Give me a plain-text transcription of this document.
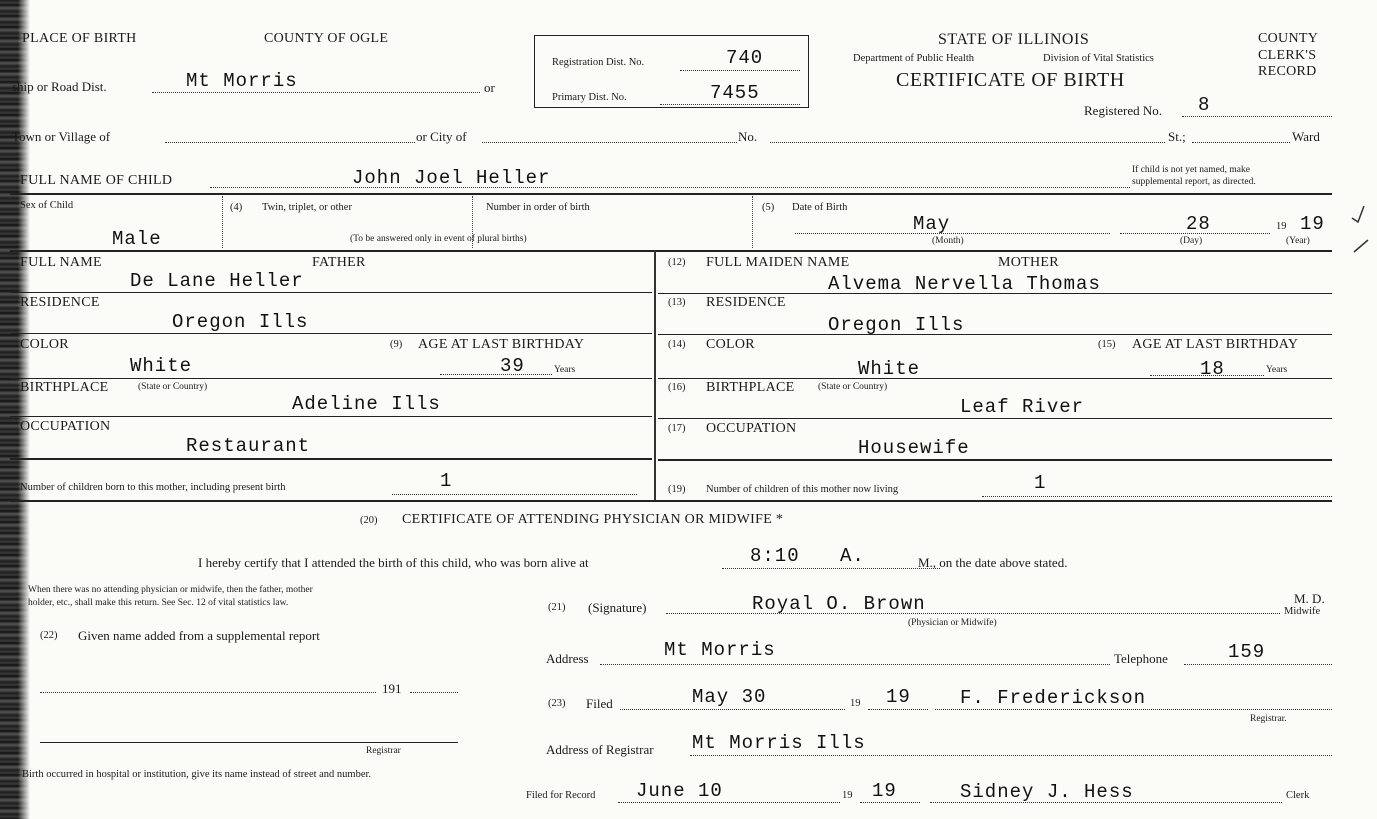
PLACE OF BIRTH	COUNTY OF OGLE
ship or Road Dist.	Mt Morris	or
Town or Village of	or City of	No.	St.;	Ward
Registration Dist. No.	740
Primary Dist. No.	7455
STATE OF ILLINOIS
Department of Public Health	Division of Vital Statistics
CERTIFICATE OF BIRTH
Registered No. 8
COUNTY
CLERK'S
RECORD
FULL NAME OF CHILD	John Joel Heller	If child is not yet named, make
supplemental report, as directed.
Sex of Child
Male
(4) Twin, triplet, or other	Number in order of birth
(To be answered only in event of plural births)
(5) Date of Birth
May	28	19 19
(Month)	(Day)	(Year)
FULL NAME	FATHER
De Lane Heller
RESIDENCE
Oregon Ills
COLOR
White
(9) AGE AT LAST BIRTHDAY
39	Years
BIRTHPLACE	(State or Country)
Adeline Ills
OCCUPATION
Restaurant
Number of children born to this mother, including present birth	1
(12) FULL MAIDEN NAME	MOTHER
Alvema Nervella Thomas
(13) RESIDENCE
Oregon Ills
(14) COLOR
White
(15) AGE AT LAST BIRTHDAY
18	Years
(16) BIRTHPLACE (State or Country)
Leaf River
(17) OCCUPATION
Housewife
(19) Number of children of this mother now living	1
(20) CERTIFICATE OF ATTENDING PHYSICIAN OR MIDWIFE *
I hereby certify that I attended the birth of this child, who was born alive at	8:10 A.	M., on the date above stated.
When there was no attending physician or midwife, then the father, mother
holder, etc., shall make this return. See Sec. 12 of vital statistics law.	(21) (Signature)	Royal O. Brown	M. D.
Midwife
(Physician or Midwife)
(22) Given name added from a supplemental report
Address	Mt Morris	Telephone	159
191
Registrar
(23) Filed	May 30	19 19	F. Frederickson
Registrar.
Address of Registrar Mt Morris Ills
Birth occurred in hospital or institution, give its name instead of street and number.
Filed for Record June 10	19 19	Sidney J. Hess	Clerk
